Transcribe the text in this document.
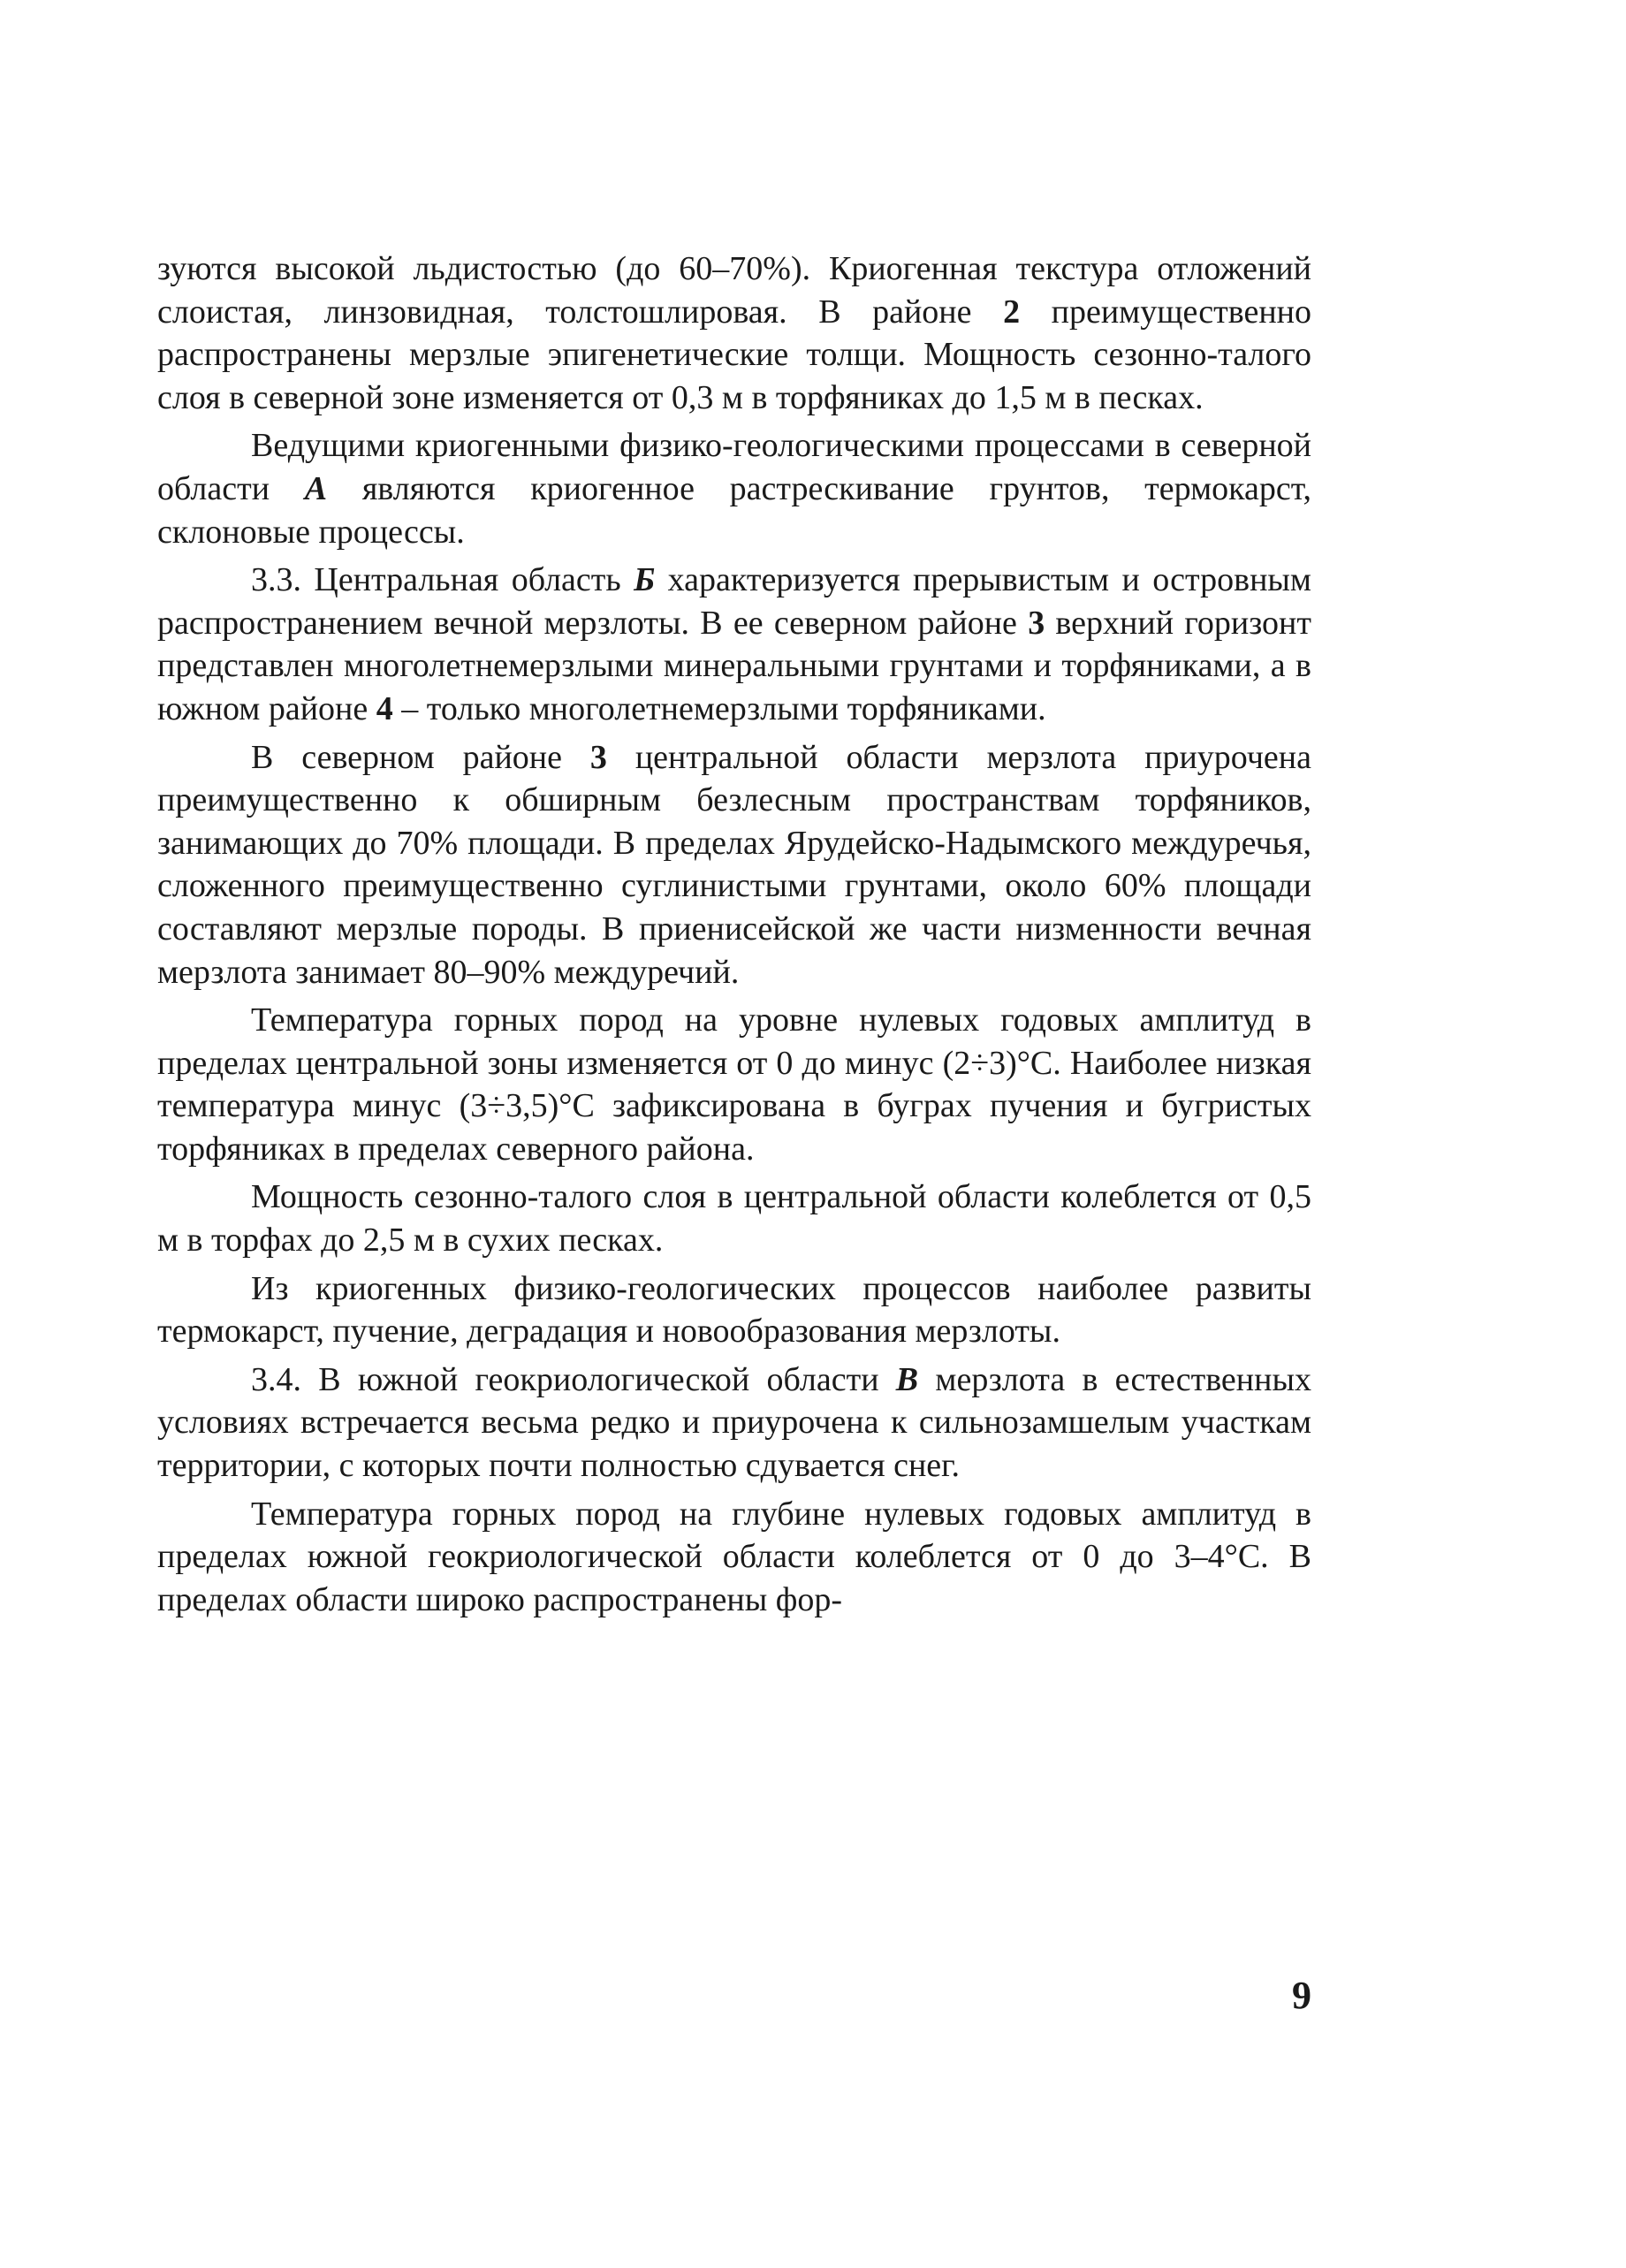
зуются высокой льдистостью (до 60–70%). Криогенная текстура отложений слоистая, линзовидная, толстошлировая. В районе 2 преимущественно распространены мерзлые эпигенетические толщи. Мощность сезонно-талого слоя в северной зоне изменяется от 0,3 м в торфяниках до 1,5 м в песках.

Ведущими криогенными физико-геологическими процессами в северной области А являются криогенное растрескивание грунтов, термокарст, склоновые процессы.

3.3. Центральная область Б характеризуется прерывистым и островным распространением вечной мерзлоты. В ее северном районе 3 верхний горизонт представлен многолетнемерзлыми минеральными грунтами и торфяниками, а в южном районе 4 – только многолетнемерзлыми торфяниками.

В северном районе 3 центральной области мерзлота приурочена преимущественно к обширным безлесным пространствам торфяников, занимающих до 70% площади. В пределах Ярудейско-Надымского междуречья, сложенного преимущественно суглинистыми грунтами, около 60% площади составляют мерзлые породы. В приенисейской же части низменности вечная мерзлота занимает 80–90% междуречий.

Температура горных пород на уровне нулевых годовых амплитуд в пределах центральной зоны изменяется от 0 до минус (2÷3)°С. Наиболее низкая температура минус (3÷3,5)°С зафиксирована в буграх пучения и бугристых торфяниках в пределах северного района.

Мощность сезонно-талого слоя в центральной области колеблется от 0,5 м в торфах до 2,5 м в сухих песках.

Из криогенных физико-геологических процессов наиболее развиты термокарст, пучение, деградация и новообразования мерзлоты.

3.4. В южной геокриологической области В мерзлота в естественных условиях встречается весьма редко и приурочена к сильнозамшелым участкам территории, с которых почти полностью сдувается снег.

Температура горных пород на глубине нулевых годовых амплитуд в пределах южной геокриологической области колеблется от 0 до 3–4°С. В пределах области широко распространены фор-

9
